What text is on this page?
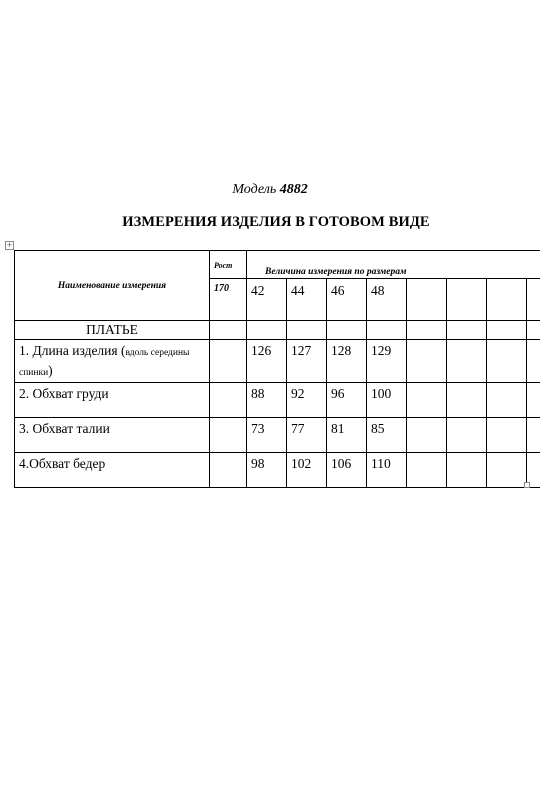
Модель 4882
ИЗМЕРЕНИЯ ИЗДЕЛИЯ В ГОТОВОМ ВИДЕ
+
Наименование измерения	Рост	Величина измерения по размерам							
	170	42	44	46	48				
ПЛАТЬЕ									
1. Длина изделия (вдоль середины спинки)		126	127	128	129				
2. Обхват груди		88	92	96	100				
3. Обхват талии		73	77	81	85				
4.Обхват бедер		98	102	106	110				
